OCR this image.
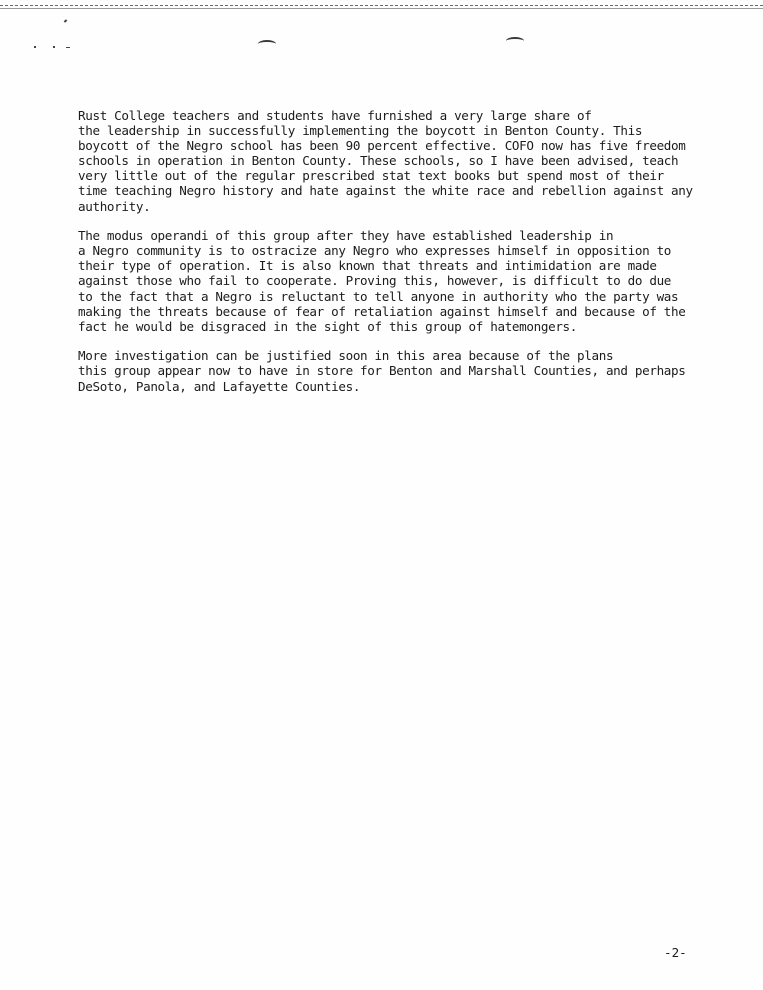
Rust College teachers and students have furnished a very large share of
the leadership in successfully implementing the boycott in Benton County. This
boycott of the Negro school has been 90 percent effective. COFO now has five freedom
schools in operation in Benton County. These schools, so I have been advised, teach
very little out of the regular prescribed stat text books but spend most of their
time teaching Negro history and hate against the white race and rebellion against any
authority.

The modus operandi of this group after they have established leadership in
a Negro community is to ostracize any Negro who expresses himself in opposition to
their type of operation. It is also known that threats and intimidation are made
against those who fail to cooperate. Proving this, however, is difficult to do due
to the fact that a Negro is reluctant to tell anyone in authority who the party was
making the threats because of fear of retaliation against himself and because of the
fact he would be disgraced in the sight of this group of hatemongers.

More investigation can be justified soon in this area because of the plans
this group appear now to have in store for Benton and Marshall Counties, and perhaps
DeSoto, Panola, and Lafayette Counties.

-2-
